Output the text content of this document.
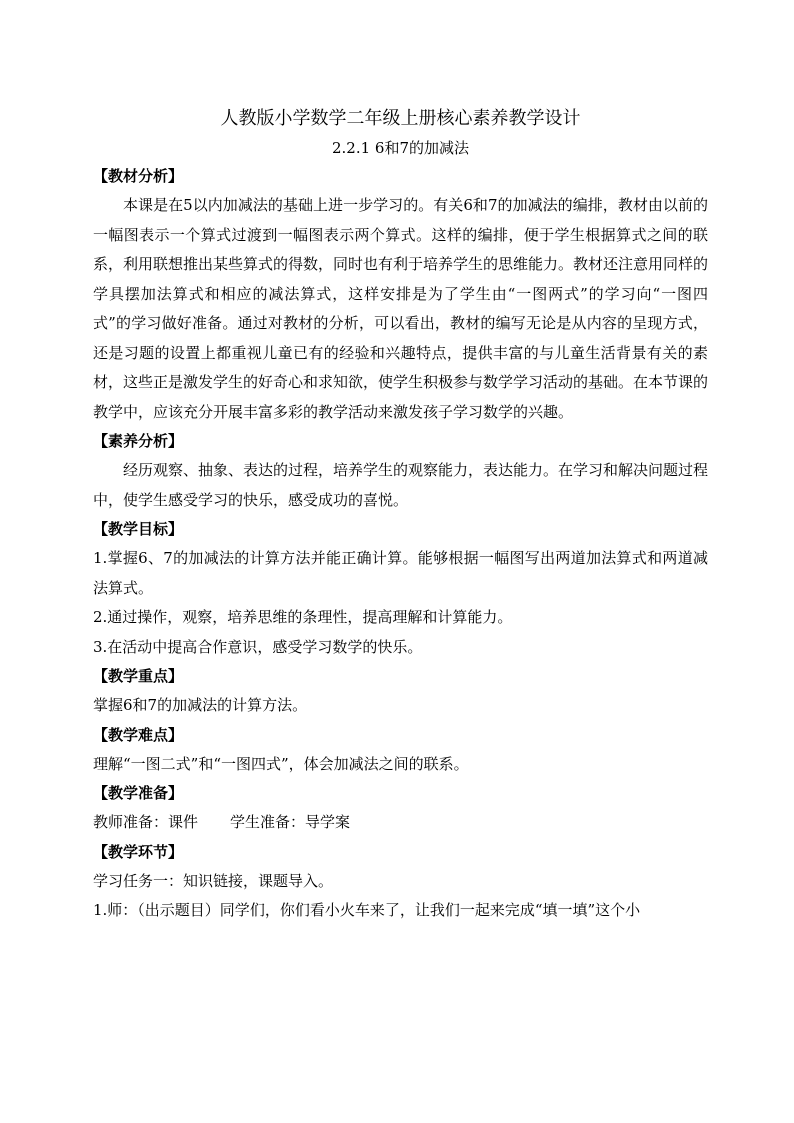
人教版小学数学二年级上册核心素养教学设计
2.2.1 6和7的加减法
【教材分析】

本课是在5以内加减法的基础上进一步学习的。有关6和7的加减法的编排，教材由以前的一幅图表示一个算式过渡到一幅图表示两个算式。这样的编排，便于学生根据算式之间的联系，利用联想推出某些算式的得数，同时也有利于培养学生的思维能力。教材还注意用同样的学具摆加法算式和相应的减法算式，这样安排是为了学生由“一图两式”的学习向“一图四式”的学习做好准备。通过对教材的分析，可以看出，教材的编写无论是从内容的呈现方式，还是习题的设置上都重视儿童已有的经验和兴趣特点，提供丰富的与儿童生活背景有关的素材，这些正是激发学生的好奇心和求知欲，使学生积极参与数学学习活动的基础。在本节课的教学中，应该充分开展丰富多彩的教学活动来激发孩子学习数学的兴趣。

【素养分析】

经历观察、抽象、表达的过程，培养学生的观察能力，表达能力。在学习和解决问题过程中，使学生感受学习的快乐，感受成功的喜悦。

【教学目标】

1.掌握6、7的加减法的计算方法并能正确计算。能够根据一幅图写出两道加法算式和两道减法算式。

2.通过操作，观察，培养思维的条理性，提高理解和计算能力。

3.在活动中提高合作意识，感受学习数学的快乐。

【教学重点】

掌握6和7的加减法的计算方法。

【教学难点】

理解“一图二式”和“一图四式”，体会加减法之间的联系。

【教学准备】

教师准备：课件 学生准备：导学案

【教学环节】

学习任务一：知识链接，课题导入。

1.师：（出示题目）同学们，你们看小火车来了，让我们一起来完成“填一填”这个小
